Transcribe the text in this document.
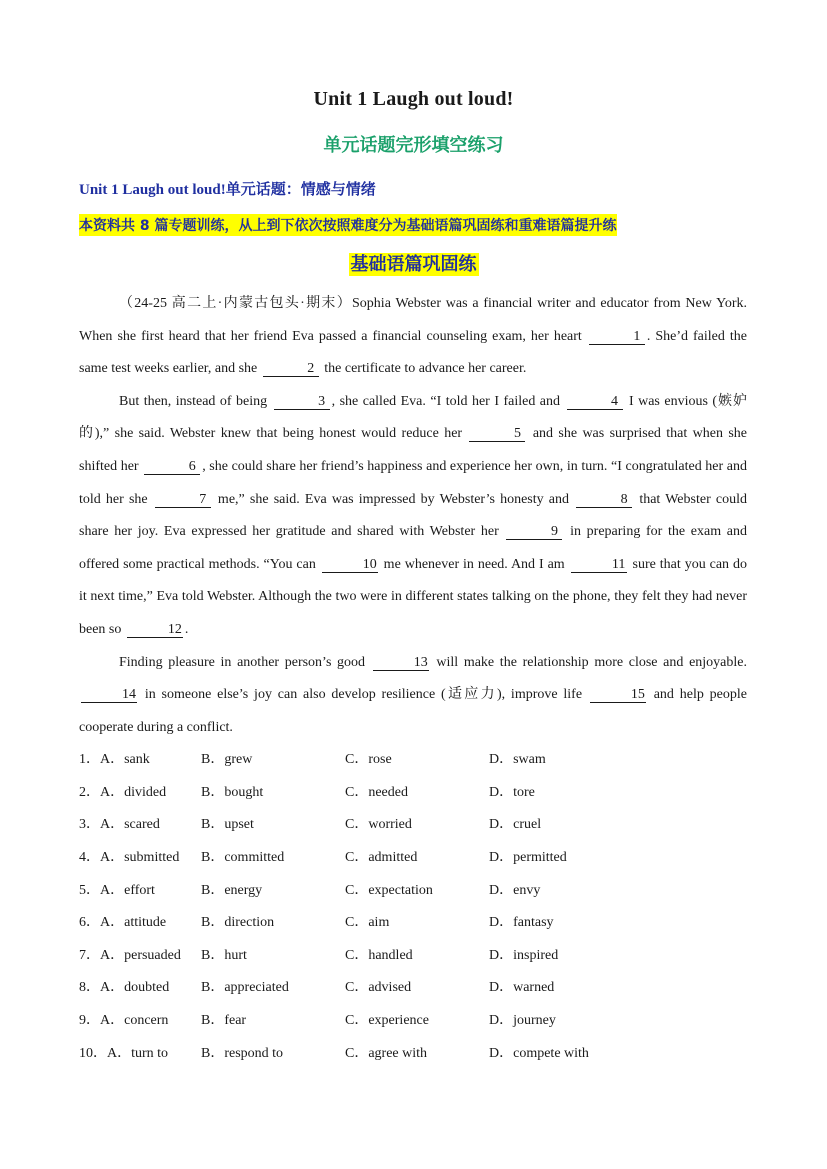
Unit 1 Laugh out loud!
单元话题完形填空练习
Unit 1 Laugh out loud!单元话题：情感与情绪
本资料共 8 篇专题训练，从上到下依次按照难度分为基础语篇巩固练和重难语篇提升练
基础语篇巩固练

（24-25 高二上·内蒙古包头·期末）Sophia Webster was a financial writer and educator from New York. When she first heard that her friend Eva passed a financial counseling exam, her heart	1 . She’d failed the same test weeks earlier, and she	2 the certificate to advance her career.

But then, instead of being	3 , she called Eva. “I told her I failed and	4 I was envious (嫉妒的),” she said. Webster knew that being honest would reduce her	5 and she was surprised that when she shifted her	6 , she could share her friend’s happiness and experience her own, in turn. “I congratulated her and told her she	7 me,” she said. Eva was impressed by Webster’s honesty and	8 that Webster could share her joy. Eva expressed her gratitude and shared with Webster her	9 in preparing for the exam and offered some practical methods. “You can	10 me whenever in need. And I am	11 sure that you can do it next time,” Eva told Webster. Although the two were in different states talking on the phone, they felt they had never been so	12 .

Finding pleasure in another person’s good	13 will make the relationship more close and enjoyable. 14 in someone else’s joy can also develop resilience (适应力), improve life	15 and help people cooperate during a conflict.

1．A．sank	B．grew	C．rose	D．swam
2．A．divided	B．bought	C．needed	D．tore
3．A．scared	B．upset	C．worried	D．cruel
4．A．submitted	B．committed	C．admitted	D．permitted
5．A．effort	B．energy	C．expectation	D．envy
6．A．attitude	B．direction	C．aim	D．fantasy
7．A．persuaded	B．hurt	C．handled	D．inspired
8．A．doubted	B．appreciated	C．advised	D．warned
9．A．concern	B．fear	C．experience	D．journey
10．A．turn to	B．respond to	C．agree with	D．compete with
